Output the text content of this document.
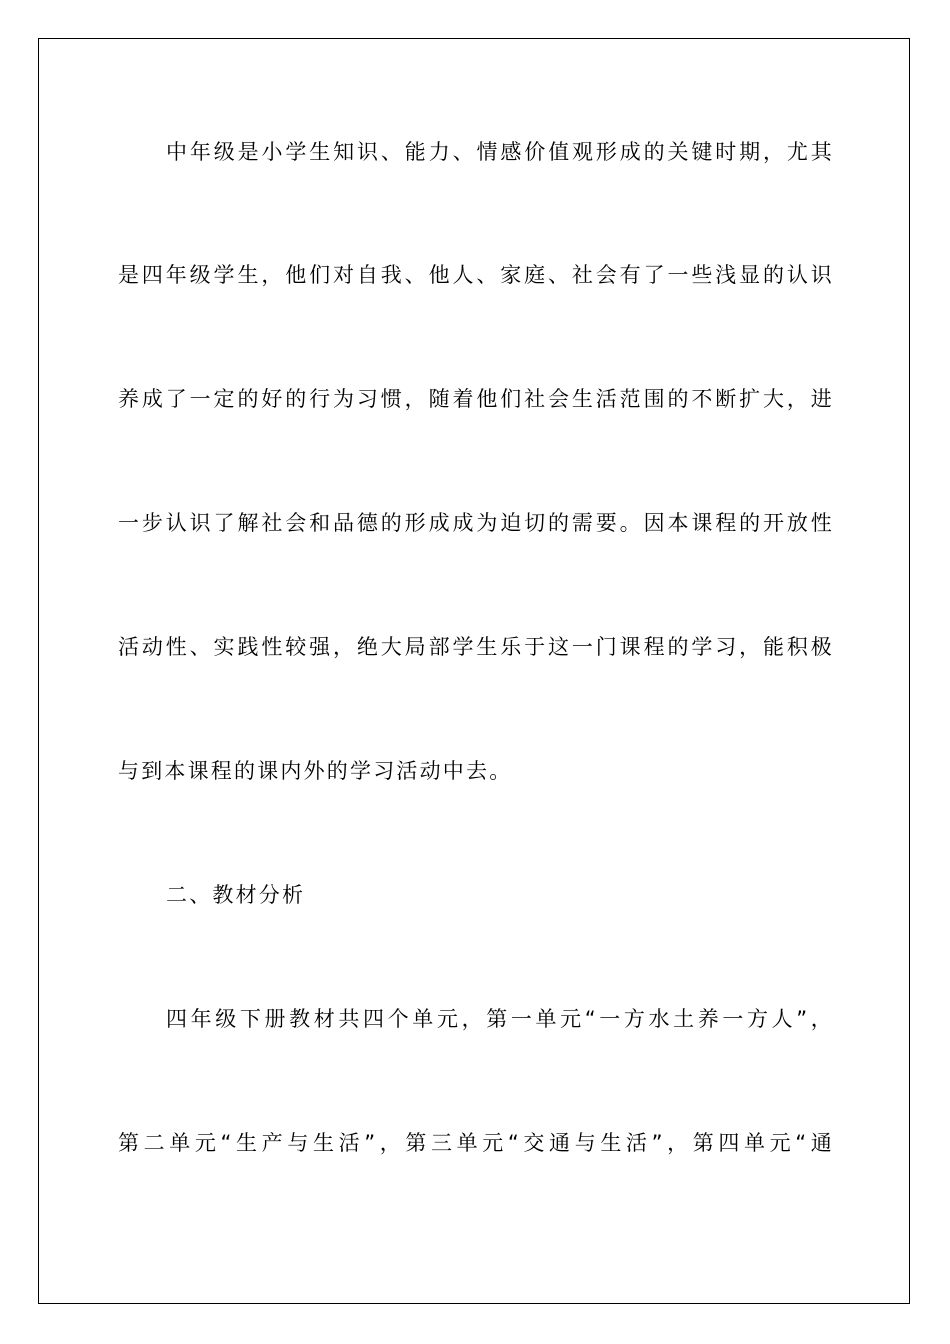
中年级是小学生知识、能力、情感价值观形成的关键时期，尤其
是四年级学生，他们对自我、他人、家庭、社会有了一些浅显的认识
养成了一定的好的行为习惯，随着他们社会生活范围的不断扩大，进
一步认识了解社会和品德的形成成为迫切的需要。因本课程的开放性
活动性、实践性较强，绝大局部学生乐于这一门课程的学习，能积极
与到本课程的课内外的学习活动中去。
二、教材分析
四年级下册教材共四个单元，第一单元“一方水土养一方人”，
第二单元“生产与生活”，第三单元“交通与生活”，第四单元“通
